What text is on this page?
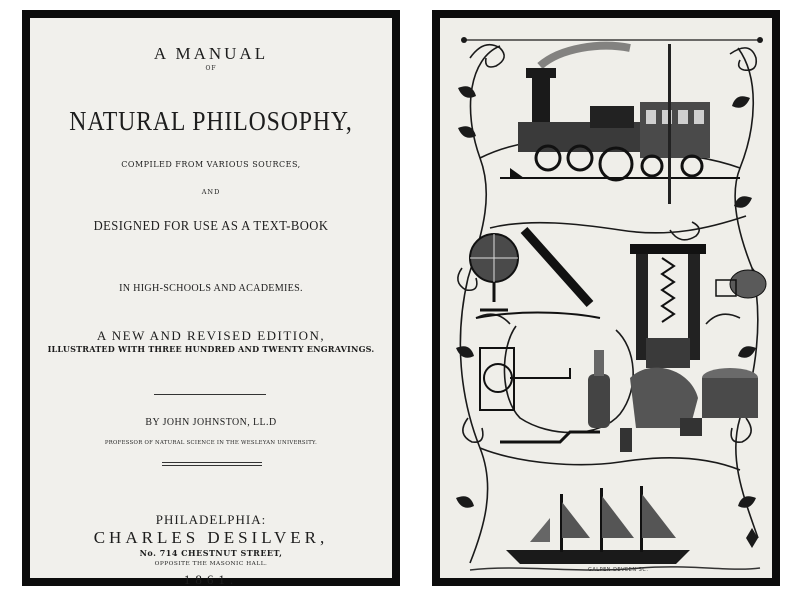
A MANUAL
OF
NATURAL PHILOSOPHY,
COMPILED FROM VARIOUS SOURCES,
AND
DESIGNED FOR USE AS A TEXT-BOOK
IN HIGH-SCHOOLS AND ACADEMIES.
A NEW AND REVISED EDITION,
ILLUSTRATED WITH THREE HUNDRED AND TWENTY ENGRAVINGS.
BY JOHN JOHNSTON, LL.D
PROFESSOR OF NATURAL SCIENCE IN THE WESLEYAN UNIVERSITY.
PHILADELPHIA:
CHARLES DESILVER,
No. 714 CHESTNUT STREET,
OPPOSITE THE MASONIC HALL.
1861.
GALPEN DEVEEN SC.
